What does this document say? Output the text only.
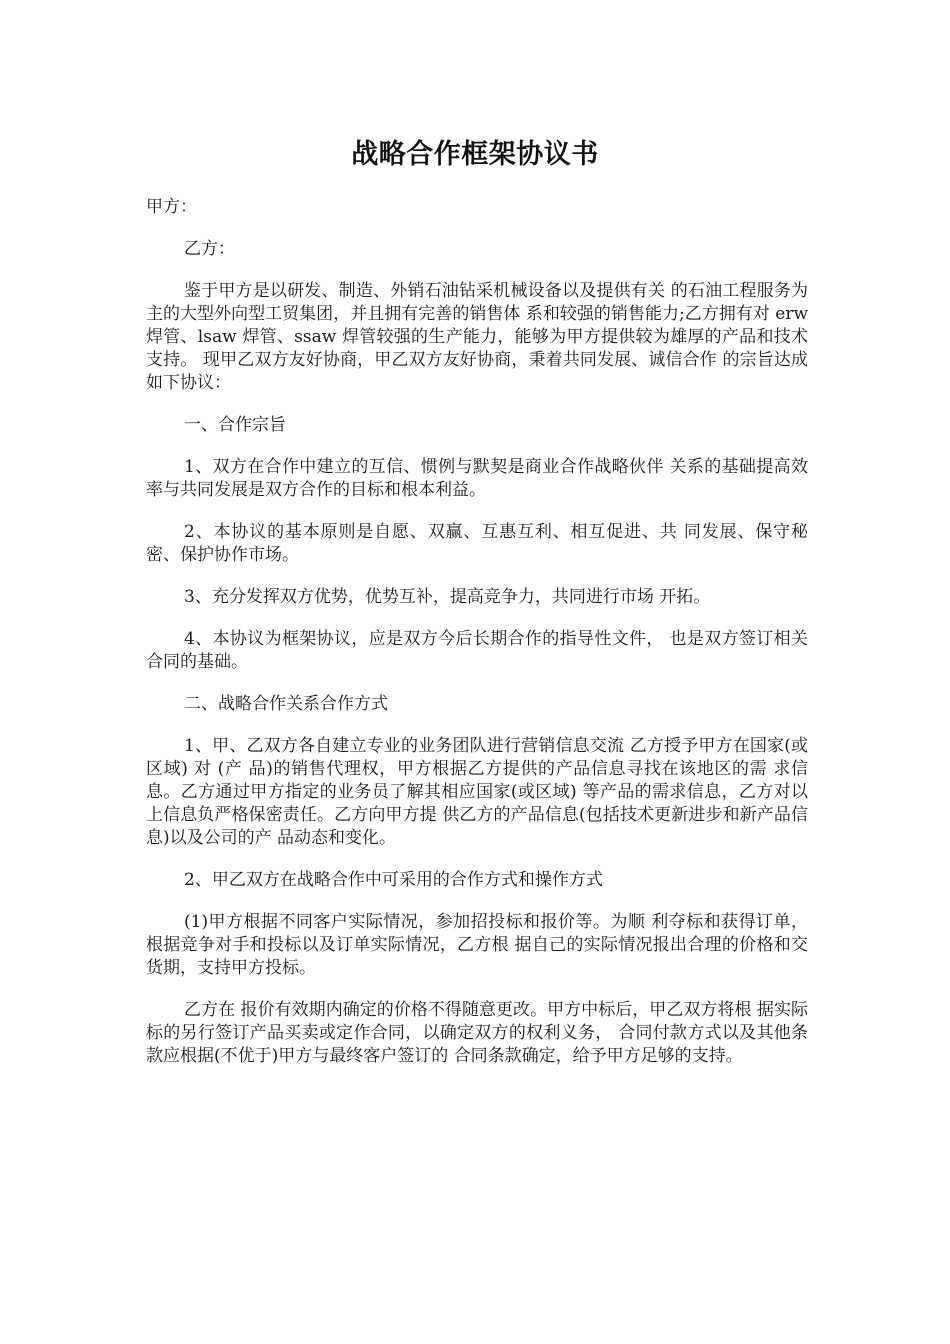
战略合作框架协议书

甲方：

乙方：

鉴于甲方是以研发、制造、外销石油钻采机械设备以及提供有关 的石油工程服务为主的大型外向型工贸集团，并且拥有完善的销售体 系和较强的销售能力;乙方拥有对 erw 焊管、lsaw 焊管、ssaw 焊管较强的生产能力，能够为甲方提供较为雄厚的产品和技术支持。 现甲乙双方友好协商，甲乙双方友好协商，秉着共同发展、诚信合作 的宗旨达成如下协议：

一、合作宗旨

1、双方在合作中建立的互信、惯例与默契是商业合作战略伙伴 关系的基础提高效率与共同发展是双方合作的目标和根本利益。

2、本协议的基本原则是自愿、双赢、互惠互利、相互促进、共 同发展、保守秘密、保护协作市场。

3、充分发挥双方优势，优势互补，提高竞争力，共同进行市场 开拓。

4、本协议为框架协议，应是双方今后长期合作的指导性文件， 也是双方签订相关合同的基础。

二、战略合作关系合作方式

1、甲、乙双方各自建立专业的业务团队进行营销信息交流 乙方授予甲方在国家(或区域) 对 (产 品)的销售代理权，甲方根据乙方提供的产品信息寻找在该地区的需 求信息。乙方通过甲方指定的业务员了解其相应国家(或区域) 等产品的需求信息，乙方对以上信息负严格保密责任。乙方向甲方提 供乙方的产品信息(包括技术更新进步和新产品信息)以及公司的产 品动态和变化。

2、甲乙双方在战略合作中可采用的合作方式和操作方式

(1)甲方根据不同客户实际情况，参加招投标和报价等。为顺 利夺标和获得订单，根据竞争对手和投标以及订单实际情况，乙方根 据自己的实际情况报出合理的价格和交货期，支持甲方投标。

乙方在 报价有效期内确定的价格不得随意更改。甲方中标后，甲乙双方将根 据实际标的另行签订产品买卖或定作合同，以确定双方的权利义务， 合同付款方式以及其他条款应根据(不优于)甲方与最终客户签订的 合同条款确定，给予甲方足够的支持。
